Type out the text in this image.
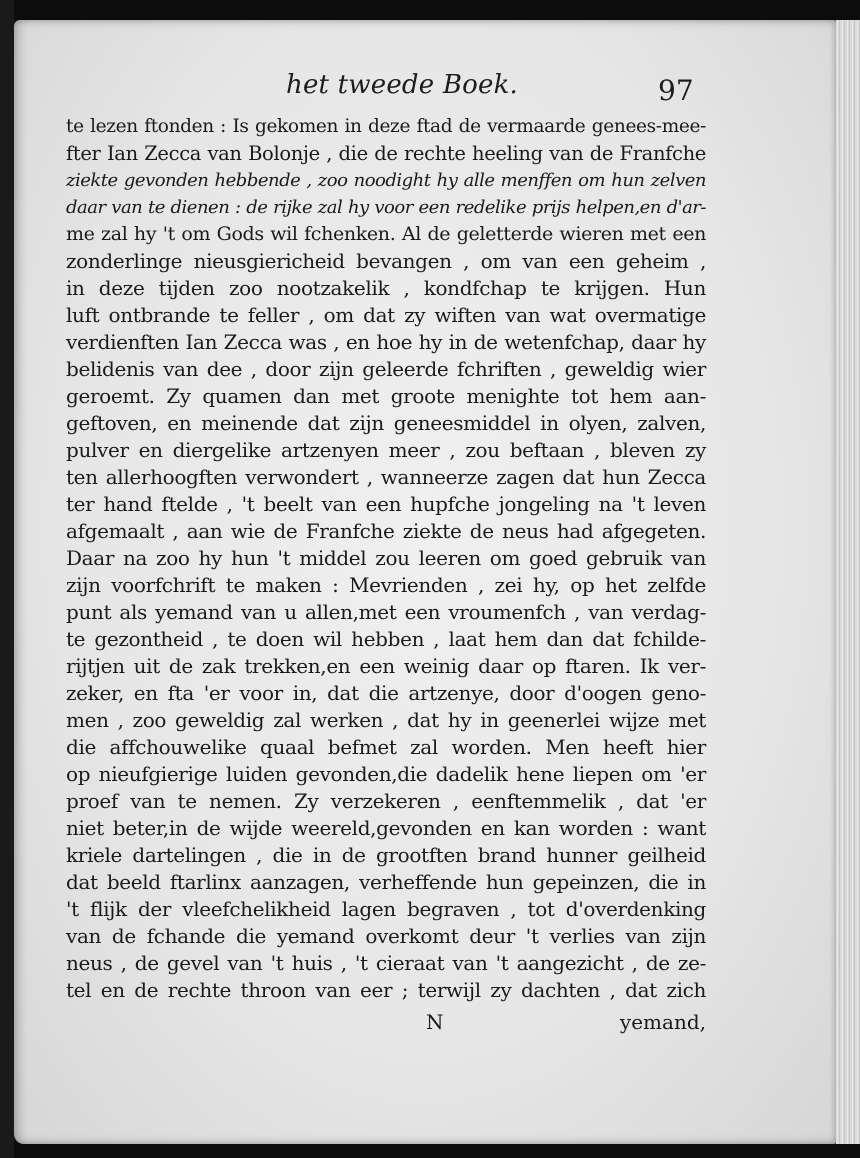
het tweede Boek.	97
te lezen ftonden : Is gekomen in deze ftad de vermaarde genees-mee-
fter Ian Zecca van Bolonje , die de rechte heeling van de Franfche
ziekte gevonden hebbende , zoo noodight hy alle menffen om hun zelven
daar van te dienen : de rijke zal hy voor een redelike prijs helpen,en d'ar-
me zal hy 't om Gods wil fchenken. Al de geletterde wieren met een
zonderlinge nieusgiericheid bevangen , om van een geheim ,
in deze tijden zoo nootzakelik , kondfchap te krijgen. Hun
luft ontbrande te feller , om dat zy wiften van wat overmatige
verdienften Ian Zecca was , en hoe hy in de wetenfchap, daar hy
belidenis van dee , door zijn geleerde fchriften , geweldig wier
geroemt. Zy quamen dan met groote menighte tot hem aan-
geftoven, en meinende dat zijn geneesmiddel in olyen, zalven,
pulver en diergelike artzenyen meer , zou beftaan , bleven zy
ten allerhoogften verwondert , wanneerze zagen dat hun Zecca
ter hand ftelde , 't beelt van een hupfche jongeling na 't leven
afgemaalt , aan wie de Franfche ziekte de neus had afgegeten.
Daar na zoo hy hun 't middel zou leeren om goed gebruik van
zijn voorfchrift te maken : Mevrienden , zei hy, op het zelfde
punt als yemand van u allen,met een vroumenfch , van verdag-
te gezontheid , te doen wil hebben , laat hem dan dat fchilde-
rijtjen uit de zak trekken,en een weinig daar op ftaren. Ik ver-
zeker, en fta 'er voor in, dat die artzenye, door d'oogen geno-
men , zoo geweldig zal werken , dat hy in geenerlei wijze met
die affchouwelike quaal befmet zal worden. Men heeft hier
op nieufgierige luiden gevonden,die dadelik hene liepen om 'er
proef van te nemen. Zy verzekeren , eenftemmelik , dat 'er
niet beter,in de wijde weereld,gevonden en kan worden : want
kriele dartelingen , die in de grootften brand hunner geilheid
dat beeld ftarlinx aanzagen, verheffende hun gepeinzen, die in
't flijk der vleefchelikheid lagen begraven , tot d'overdenking
van de fchande die yemand overkomt deur 't verlies van zijn
neus , de gevel van 't huis , 't cieraat van 't aangezicht , de ze-
tel en de rechte throon van eer ; terwijl zy dachten , dat zich
N	yemand,
